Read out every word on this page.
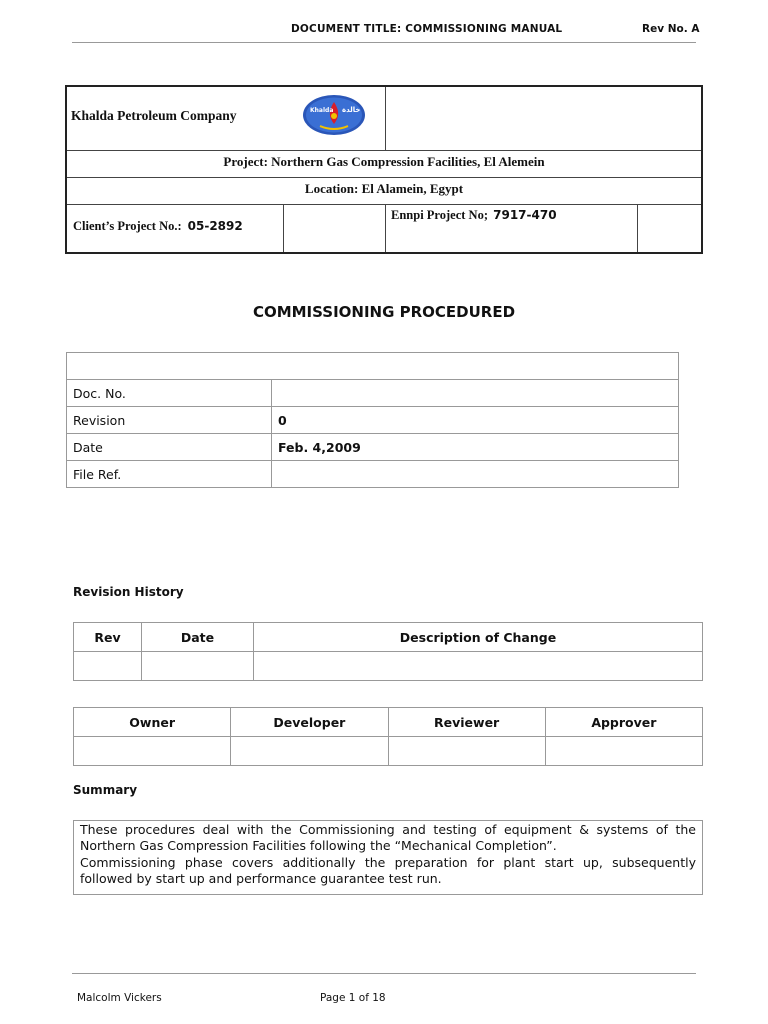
DOCUMENT TITLE: COMMISSIONING MANUAL	Rev No. A
Khalda Petroleum Company	Khalda خالدة
Project: Northern Gas Compression Facilities, El Alemein
Location: El Alamein, Egypt
Client’s Project No.: 05-2892
Ennpi Project No; 7917-470
COMMISSIONING PROCEDURED

Doc. No.	
Revision	0
Date	Feb. 4,2009
File Ref.	
Revision History
Rev	Date	Description of Change

Owner	Developer	Reviewer	Approver

Summary

These procedures deal with the Commissioning and testing of equipment & systems of the Northern Gas Compression Facilities following the “Mechanical Completion”.

Commissioning phase covers additionally the preparation for plant start up, subsequently followed by start up and performance guarantee test run.

Malcolm Vickers	Page 1 of 18
